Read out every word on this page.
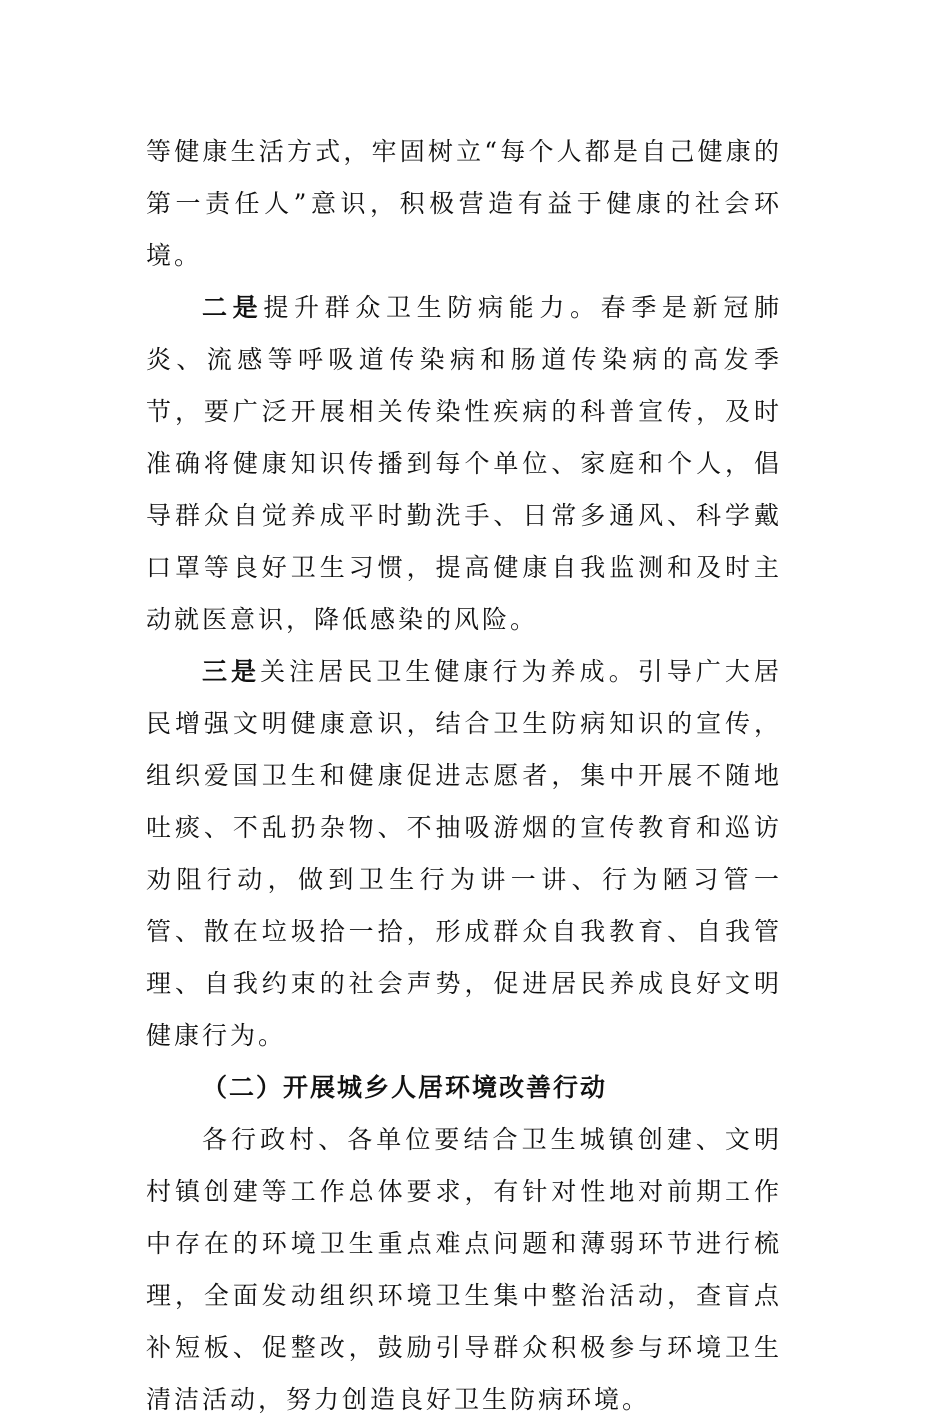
等健康生活方式，牢固树立“每个人都是自己健康的第一责任人”意识，积极营造有益于健康的社会环境。

二是提升群众卫生防病能力。春季是新冠肺炎、流感等呼吸道传染病和肠道传染病的高发季节，要广泛开展相关传染性疾病的科普宣传，及时准确将健康知识传播到每个单位、家庭和个人，倡导群众自觉养成平时勤洗手、日常多通风、科学戴口罩等良好卫生习惯，提高健康自我监测和及时主动就医意识，降低感染的风险。

三是关注居民卫生健康行为养成。引导广大居民增强文明健康意识，结合卫生防病知识的宣传，组织爱国卫生和健康促进志愿者，集中开展不随地吐痰、不乱扔杂物、不抽吸游烟的宣传教育和巡访劝阻行动，做到卫生行为讲一讲、行为陋习管一管、散在垃圾拾一拾，形成群众自我教育、自我管理、自我约束的社会声势，促进居民养成良好文明健康行为。

（二）开展城乡人居环境改善行动

各行政村、各单位要结合卫生城镇创建、文明村镇创建等工作总体要求，有针对性地对前期工作中存在的环境卫生重点难点问题和薄弱环节进行梳理，全面发动组织环境卫生集中整治活动，查盲点补短板、促整改，鼓励引导群众积极参与环境卫生清洁活动，努力创造良好卫生防病环境。
